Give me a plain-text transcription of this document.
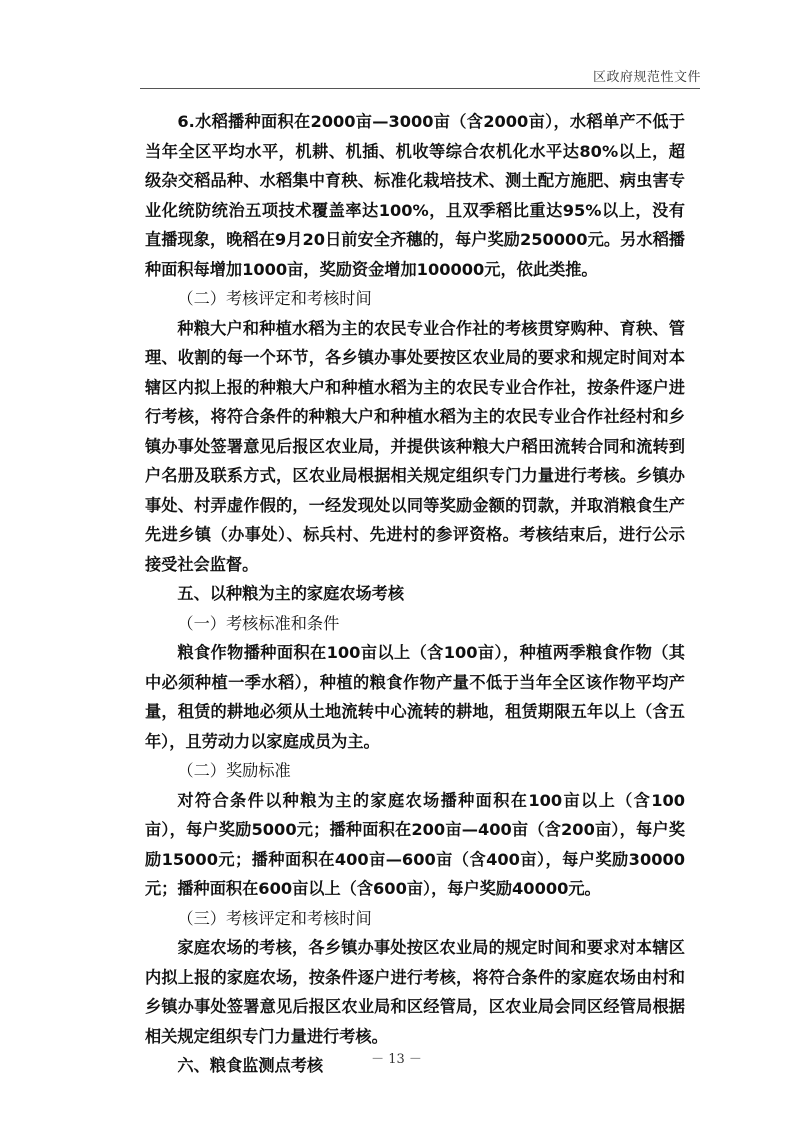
区政府规范性文件

6.水稻播种面积在2000亩—3000亩（含2000亩），水稻单产不低于当年全区平均水平，机耕、机插、机收等综合农机化水平达80%以上，超级杂交稻品种、水稻集中育秧、标准化栽培技术、测土配方施肥、病虫害专业化统防统治五项技术覆盖率达100%，且双季稻比重达95%以上，没有直播现象，晚稻在9月20日前安全齐穗的，每户奖励250000元。另水稻播种面积每增加1000亩，奖励资金增加100000元，依此类推。

（二）考核评定和考核时间

种粮大户和种植水稻为主的农民专业合作社的考核贯穿购种、育秧、管理、收割的每一个环节，各乡镇办事处要按区农业局的要求和规定时间对本辖区内拟上报的种粮大户和种植水稻为主的农民专业合作社，按条件逐户进行考核，将符合条件的种粮大户和种植水稻为主的农民专业合作社经村和乡镇办事处签署意见后报区农业局，并提供该种粮大户稻田流转合同和流转到户名册及联系方式，区农业局根据相关规定组织专门力量进行考核。乡镇办事处、村弄虚作假的，一经发现处以同等奖励金额的罚款，并取消粮食生产先进乡镇（办事处）、标兵村、先进村的参评资格。考核结束后，进行公示接受社会监督。

五、以种粮为主的家庭农场考核

（一）考核标准和条件

粮食作物播种面积在100亩以上（含100亩），种植两季粮食作物（其中必须种植一季水稻），种植的粮食作物产量不低于当年全区该作物平均产量，租赁的耕地必须从土地流转中心流转的耕地，租赁期限五年以上（含五年），且劳动力以家庭成员为主。

（二）奖励标准

对符合条件以种粮为主的家庭农场播种面积在100亩以上（含100亩），每户奖励5000元；播种面积在200亩—400亩（含200亩），每户奖励15000元；播种面积在400亩—600亩（含400亩），每户奖励30000元；播种面积在600亩以上（含600亩），每户奖励40000元。

（三）考核评定和考核时间

家庭农场的考核，各乡镇办事处按区农业局的规定时间和要求对本辖区内拟上报的家庭农场，按条件逐户进行考核，将符合条件的家庭农场由村和乡镇办事处签署意见后报区农业局和区经管局，区农业局会同区经管局根据相关规定组织专门力量进行考核。

六、粮食监测点考核	－ 13 －
